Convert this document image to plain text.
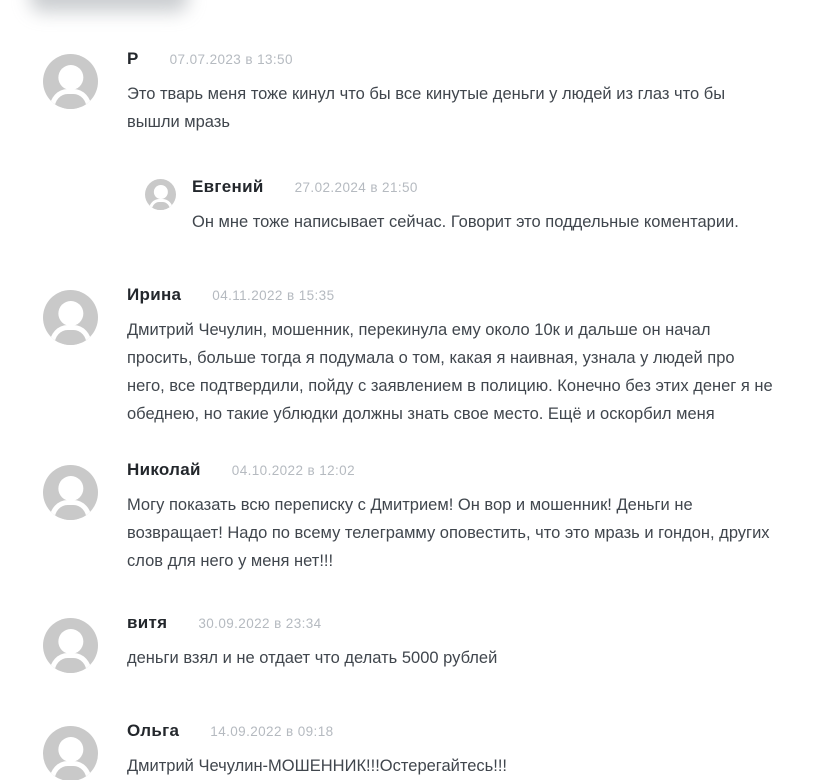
Р 07.07.2023 в 13:50

Это тварь меня тоже кинул что бы все кинутые деньги у людей из глаз что бы вышли мразь

Евгений 27.02.2024 в 21:50

Он мне тоже написывает сейчас. Говорит это поддельные коментарии.

Ирина 04.11.2022 в 15:35

Дмитрий Чечулин, мошенник, перекинула ему около 10к и дальше он начал просить, больше тогда я подумала о том, какая я наивная, узнала у людей про него, все подтвердили, пойду с заявлением в полицию. Конечно без этих денег я не обеднею, но такие ублюдки должны знать свое место. Ещё и оскорбил меня

Николай 04.10.2022 в 12:02

Могу показать всю переписку с Дмитрием! Он вор и мошенник! Деньги не возвращает! Надо по всему телеграмму оповестить, что это мразь и гондон, других слов для него у меня нет!!!

витя 30.09.2022 в 23:34

деньги взял и не отдает что делать 5000 рублей

Ольга 14.09.2022 в 09:18

Дмитрий Чечулин-МОШЕННИК!!!Остерегайтесь!!!
